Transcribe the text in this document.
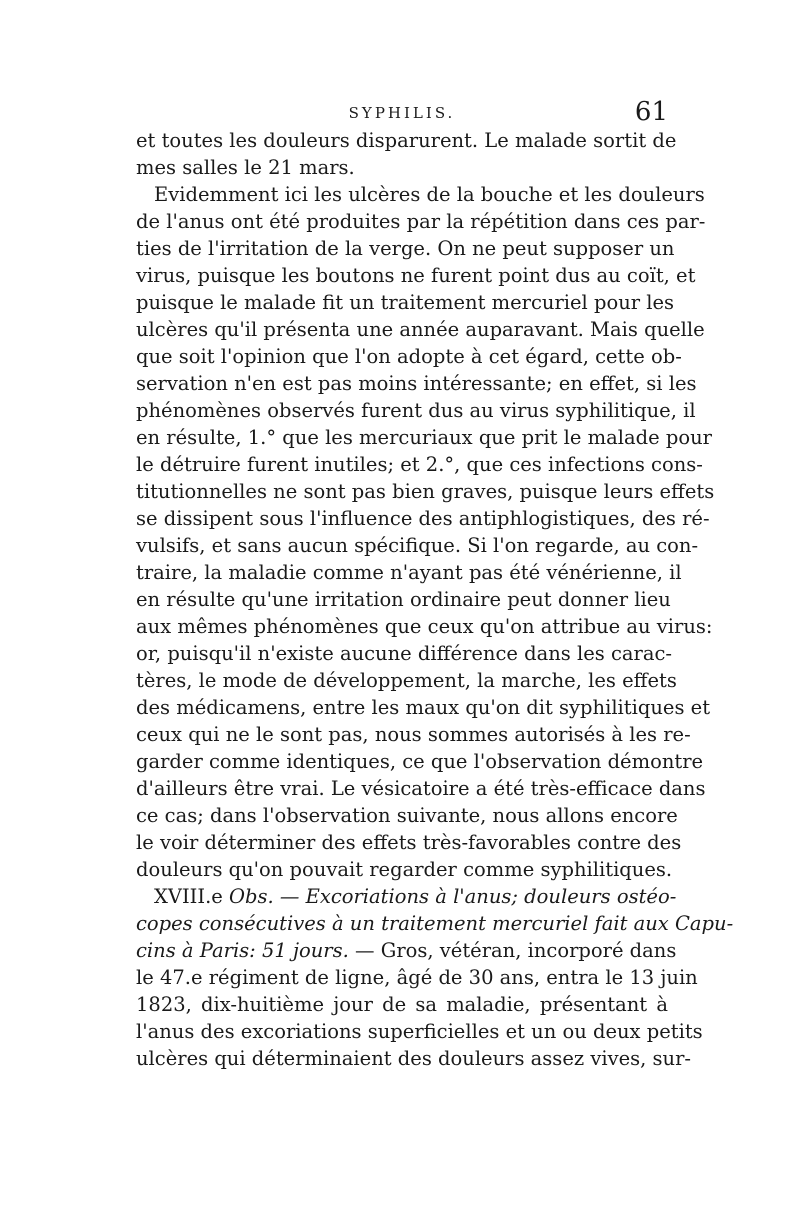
SYPHILIS.	61
et toutes les douleurs disparurent. Le malade sortit de
mes salles le 21 mars.
Evidemment ici les ulcères de la bouche et les douleurs
de l'anus ont été produites par la répétition dans ces par-
ties de l'irritation de la verge. On ne peut supposer un
virus, puisque les boutons ne furent point dus au coït, et
puisque le malade fit un traitement mercuriel pour les
ulcères qu'il présenta une année auparavant. Mais quelle
que soit l'opinion que l'on adopte à cet égard, cette ob-
servation n'en est pas moins intéressante; en effet, si les
phénomènes observés furent dus au virus syphilitique, il
en résulte, 1.° que les mercuriaux que prit le malade pour
le détruire furent inutiles; et 2.°, que ces infections cons-
titutionnelles ne sont pas bien graves, puisque leurs effets
se dissipent sous l'influence des antiphlogistiques, des ré-
vulsifs, et sans aucun spécifique. Si l'on regarde, au con-
traire, la maladie comme n'ayant pas été vénérienne, il
en résulte qu'une irritation ordinaire peut donner lieu
aux mêmes phénomènes que ceux qu'on attribue au virus:
or, puisqu'il n'existe aucune différence dans les carac-
tères, le mode de développement, la marche, les effets
des médicamens, entre les maux qu'on dit syphilitiques et
ceux qui ne le sont pas, nous sommes autorisés à les re-
garder comme identiques, ce que l'observation démontre
d'ailleurs être vrai. Le vésicatoire a été très-efficace dans
ce cas; dans l'observation suivante, nous allons encore
le voir déterminer des effets très-favorables contre des
douleurs qu'on pouvait regarder comme syphilitiques.
XVIII.e Obs. — Excoriations à l'anus; douleurs ostéo-
copes consécutives à un traitement mercuriel fait aux Capu-
cins à Paris: 51 jours. — Gros, vétéran, incorporé dans
le 47.e régiment de ligne, âgé de 30 ans, entra le 13 juin
1823, dix-huitième jour de sa maladie, présentant à
l'anus des excoriations superficielles et un ou deux petits
ulcères qui déterminaient des douleurs assez vives, sur-
